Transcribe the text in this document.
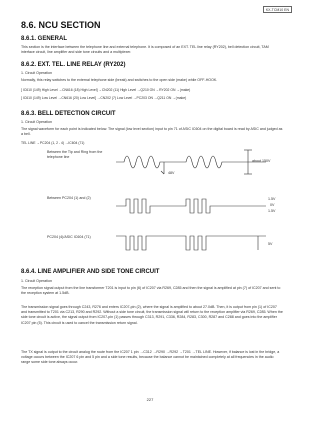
KX-TCM10 EN
8.6. NCU SECTION
8.6.1. GENERAL
This section is the interface between the telephone line and external telephone. It is composed of an EXT. TEL line relay (RY202), bell detection circuit, TAM interface circuit, line amplifier and side tone circuits and a multiplexer.
8.6.2. EXT. TEL. LINE RELAY (RY202)
1. Circuit Operation
Normally, this relay switches to the external telephone side (break) and switches to the open side (make) while OFF-HOOK.
[ IC610 (149) High Level →CN616 (18) High Level] →CN202 (11) High Level →Q210 ON →RY202 ON →(make)
[ IC610 (149) Low Level →CN616 (20) Low Level] →CN202 (7) Low Level →PC203 ON →Q211 ON →(make)
8.6.3. BELL DETECTION CIRCUIT
1. Circuit Operation
The signal waveform for each point is indicated below. The signal (low level section) input to pin 71 of ASIC IC604 on the digital board is read by ASIC and judged as a bell.
TEL LINE →PC204 (1, 2 - 4) →IC604 (71)
Between the Tip and Ring from the telephone line
48V
about 150V
Between PC204 (1) and (2)	1.5V
0V
1.5V
PC204 (4)/ASIC IC604 (71)
5V
8.6.4. LINE AMPLIFIER AND SIDE TONE CIRCUIT
1. Circuit Operation
The reception signal output from the line transformer T201 is input to pin (6) of IC207 via R269, C285 and then the signal is amplified at pin (7) of IC207 and sent to the reception system at 1.5dB.
The transmission signal goes through C243, R276 and enters IC207-pin (2), where the signal is amplified to about 27.0dB. Then, it is output from pin (1) of IC207 and transmitted to T201 via C213, R290 and R292. Without a side tone circuit, the transmission signal will return to the reception amplifier via R269, C285. When the side tone circuit is active, the signal output from IC207-pin (1) passes through C313, R291, C336, R284, R283, C300, R287 and C288 and goes into the amplifier IC207 pin (5). This circuit is used to cancel the transmission return signal.
The TX signal is output to the circuit analog the route from the IC207 1 pin →C312 →R290 →R292 →T201 →TEL LINE. However, if balance is lost in the bridge, a voltage occurs between the IC207 6 pin and 5 pin and a side tone results, because the balance cannot be maintained completely at all frequencies in the audio range some side tone always occur.
227
